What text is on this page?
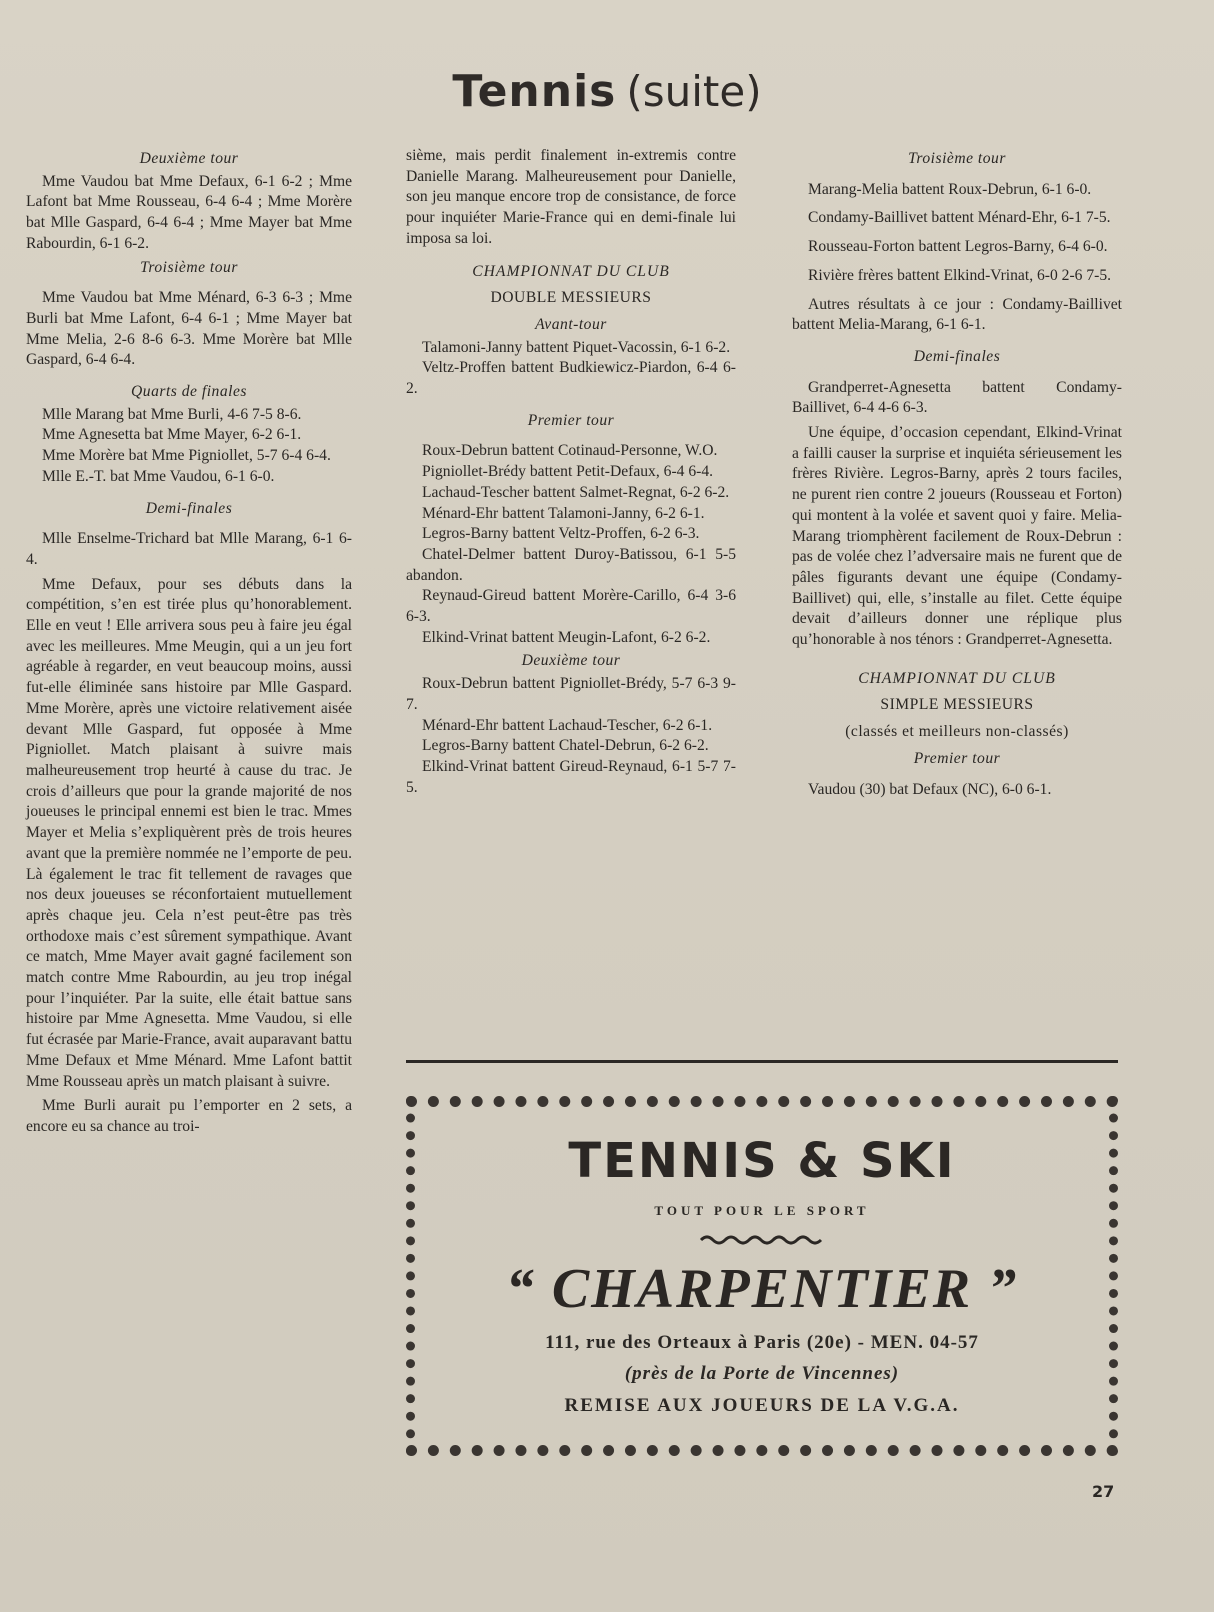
Tennis (suite)
Deuxième tour

Mme Vaudou bat Mme Defaux, 6-1 6-2 ; Mme Lafont bat Mme Rousseau, 6-4 6-4 ; Mme Morère bat Mlle Gaspard, 6-4 6-4 ; Mme Mayer bat Mme Rabourdin, 6-1 6-2.

Troisième tour

Mme Vaudou bat Mme Ménard, 6-3 6-3 ; Mme Burli bat Mme Lafont, 6-4 6-1 ; Mme Mayer bat Mme Melia, 2-6 8-6 6-3. Mme Morère bat Mlle Gaspard, 6-4 6-4.

Quarts de finales

Mlle Marang bat Mme Burli, 4-6 7-5 8-6.

Mme Agnesetta bat Mme Mayer, 6-2 6-1.

Mme Morère bat Mme Pigniollet, 5-7 6-4 6-4.

Mlle E.-T. bat Mme Vaudou, 6-1 6-0.

Demi-finales

Mlle Enselme-Trichard bat Mlle Marang, 6-1 6-4.

Mme Defaux, pour ses débuts dans la compétition, s’en est tirée plus qu’honorablement. Elle en veut ! Elle arrivera sous peu à faire jeu égal avec les meilleures. Mme Meugin, qui a un jeu fort agréable à regarder, en veut beaucoup moins, aussi fut-elle éliminée sans histoire par Mlle Gaspard. Mme Morère, après une victoire relativement aisée devant Mlle Gaspard, fut opposée à Mme Pigniollet. Match plaisant à suivre mais malheureusement trop heurté à cause du trac. Je crois d’ailleurs que pour la grande majorité de nos joueuses le principal ennemi est bien le trac. Mmes Mayer et Melia s’expliquèrent près de trois heures avant que la première nommée ne l’emporte de peu. Là également le trac fit tellement de ravages que nos deux joueuses se réconfortaient mutuellement après chaque jeu. Cela n’est peut-être pas très orthodoxe mais c’est sûrement sympathique. Avant ce match, Mme Mayer avait gagné facilement son match contre Mme Rabourdin, au jeu trop inégal pour l’inquiéter. Par la suite, elle était battue sans histoire par Mme Agnesetta. Mme Vaudou, si elle fut écrasée par Marie-France, avait auparavant battu Mme Defaux et Mme Ménard. Mme Lafont battit Mme Rousseau après un match plaisant à suivre.

Mme Burli aurait pu l’emporter en 2 sets, a encore eu sa chance au troi-

sième, mais perdit finalement in-extremis contre Danielle Marang. Malheureusement pour Danielle, son jeu manque encore trop de consistance, de force pour inquiéter Marie-France qui en demi-finale lui imposa sa loi.

CHAMPIONNAT DU CLUB
DOUBLE MESSIEURS
Avant-tour

Talamoni-Janny battent Piquet-Vacossin, 6-1 6-2.

Veltz-Proffen battent Budkiewicz-Piardon, 6-4 6-2.

Premier tour

Roux-Debrun battent Cotinaud-Personne, W.O.

Pigniollet-Brédy battent Petit-Defaux, 6-4 6-4.

Lachaud-Tescher battent Salmet-Regnat, 6-2 6-2.

Ménard-Ehr battent Talamoni-Janny, 6-2 6-1.

Legros-Barny battent Veltz-Proffen, 6-2 6-3.

Chatel-Delmer battent Duroy-Batissou, 6-1 5-5 abandon.

Reynaud-Gireud battent Morère-Carillo, 6-4 3-6 6-3.

Elkind-Vrinat battent Meugin-Lafont, 6-2 6-2.

Deuxième tour

Roux-Debrun battent Pigniollet-Brédy, 5-7 6-3 9-7.

Ménard-Ehr battent Lachaud-Tescher, 6-2 6-1.

Legros-Barny battent Chatel-Debrun, 6-2 6-2.

Elkind-Vrinat battent Gireud-Reynaud, 6-1 5-7 7-5.

Troisième tour

Marang-Melia battent Roux-Debrun, 6-1 6-0.

Condamy-Baillivet battent Ménard-Ehr, 6-1 7-5.

Rousseau-Forton battent Legros-Barny, 6-4 6-0.

Rivière frères battent Elkind-Vrinat, 6-0 2-6 7-5.

Autres résultats à ce jour : Condamy-Baillivet battent Melia-Marang, 6-1 6-1.

Demi-finales

Grandperret-Agnesetta battent Condamy-Baillivet, 6-4 4-6 6-3.

Une équipe, d’occasion cependant, Elkind-Vrinat a failli causer la surprise et inquiéta sérieusement les frères Rivière. Legros-Barny, après 2 tours faciles, ne purent rien contre 2 joueurs (Rousseau et Forton) qui montent à la volée et savent quoi y faire. Melia-Marang triomphèrent facilement de Roux-Debrun : pas de volée chez l’adversaire mais ne furent que de pâles figurants devant une équipe (Condamy-Baillivet) qui, elle, s’installe au filet. Cette équipe devait d’ailleurs donner une réplique plus qu’honorable à nos ténors : Grandperret-Agnesetta.

CHAMPIONNAT DU CLUB
SIMPLE MESSIEURS
(classés et meilleurs non-classés)
Premier tour

Vaudou (30) bat Defaux (NC), 6-0 6-1.

TENNIS & SKI
TOUT POUR LE SPORT
“ CHARPENTIER ”
111, rue des Orteaux à Paris (20e) - MEN. 04-57
(près de la Porte de Vincennes)
REMISE AUX JOUEURS DE LA V.G.A.
27
